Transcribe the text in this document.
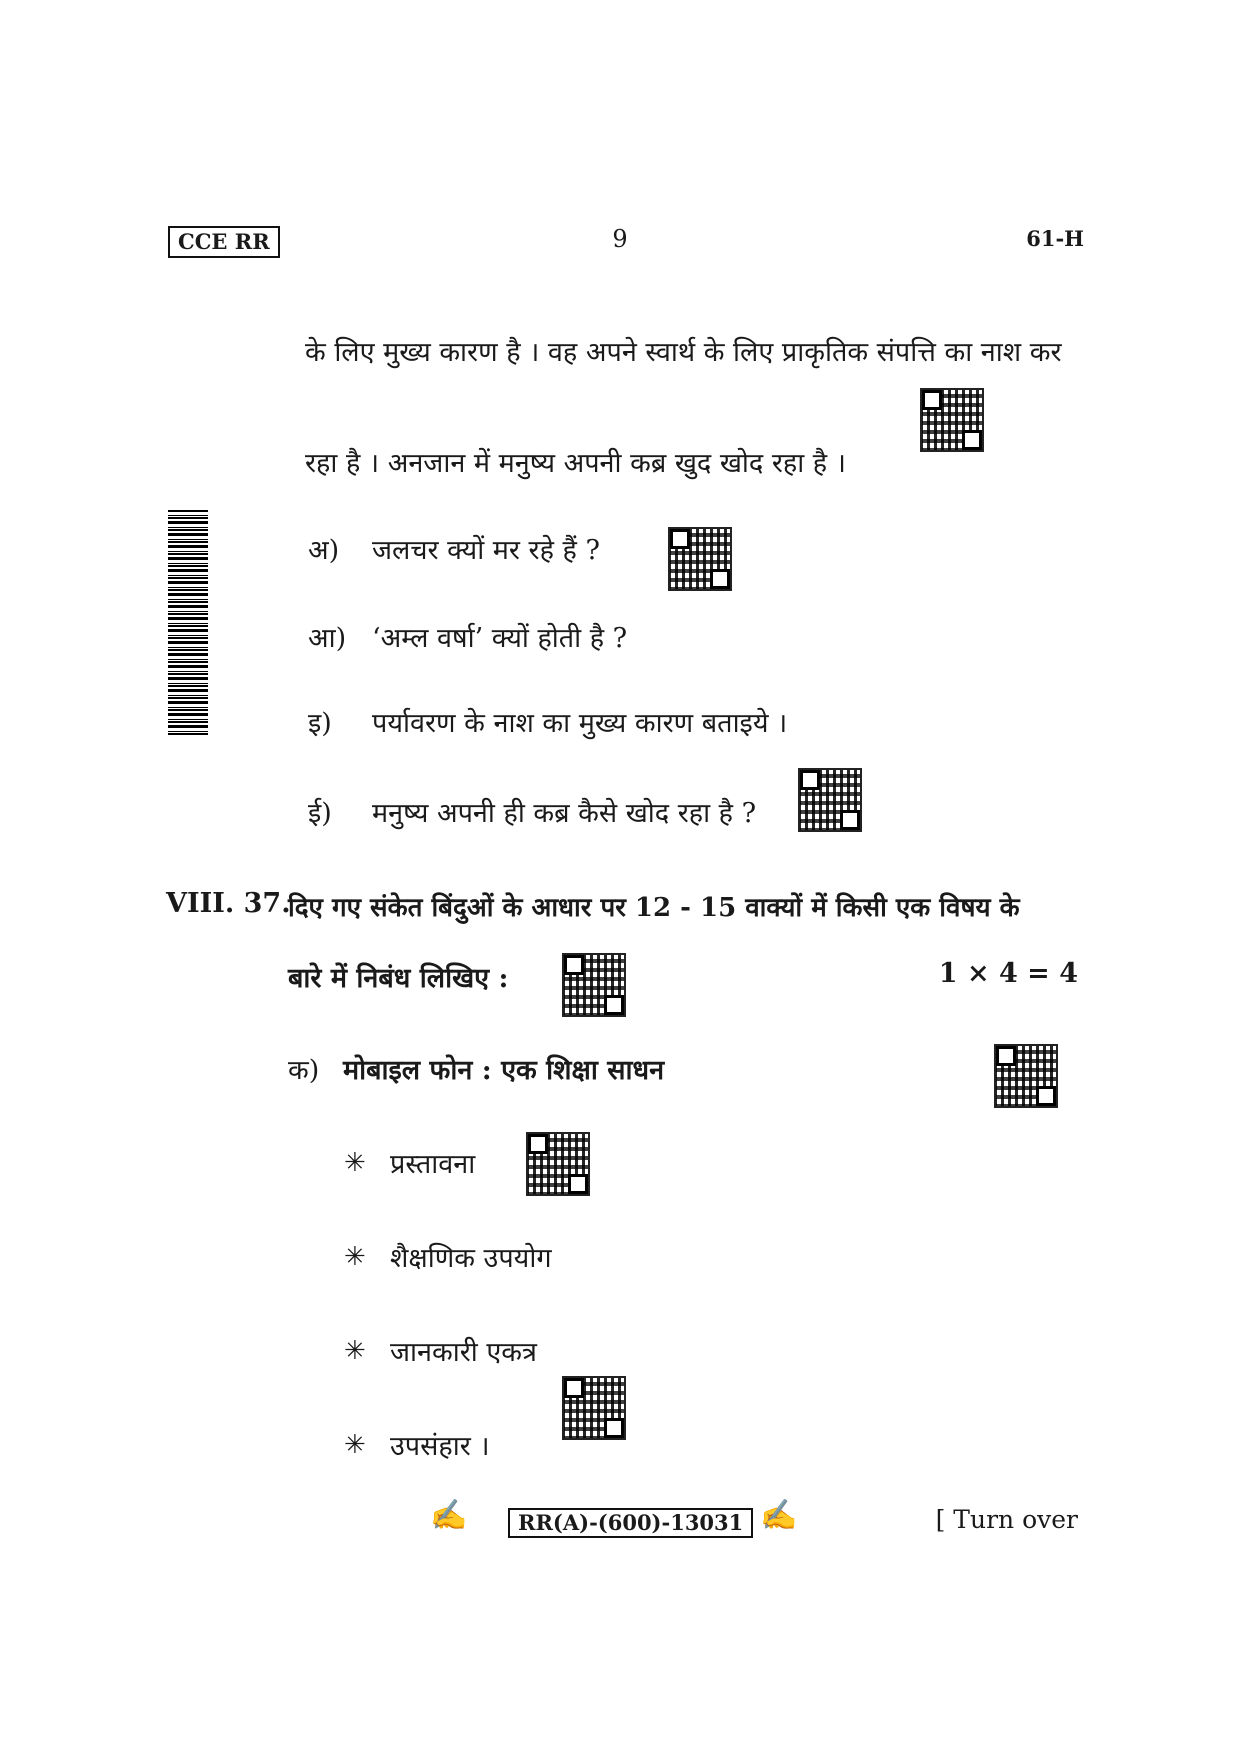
CCE RR	9	61-H
के लिए मुख्य कारण है । वह अपने स्वार्थ के लिए प्राकृतिक संपत्ति का नाश कर
रहा है । अनजान में मनुष्य अपनी कब्र खुद खोद रहा है ।
अ) जलचर क्यों मर रहे हैं ?
आ) ‘अम्ल वर्षा’ क्यों होती है ?
इ) पर्यावरण के नाश का मुख्य कारण बताइये ।
ई) मनुष्य अपनी ही कब्र कैसे खोद रहा है ?
VIII. 37.
दिए गए संकेत बिंदुओं के आधार पर 12 - 15 वाक्यों में किसी एक विषय के
बारे में निबंध लिखिए :	1 × 4 = 4
क) मोबाइल फोन : एक शिक्षा साधन
✳ प्रस्तावना
✳ शैक्षणिक उपयोग
✳ जानकारी एकत्र
✳ उपसंहार ।
✍	RR(A)-(600)-13031 ✍	[ Turn over
